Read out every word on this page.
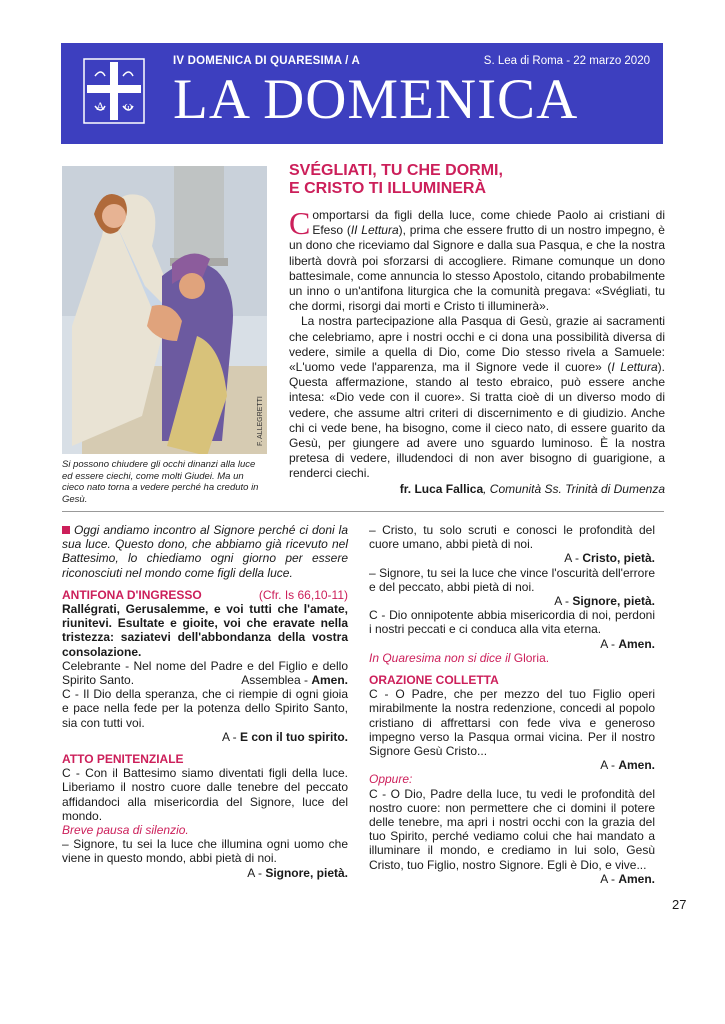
A ω
IV DOMENICA DI QUARESIMA / A	S. Lea di Roma - 22 marzo 2020
LA DOMENICA
F. ALLEGRETTI
Si possono chiudere gli occhi dinanzi alla luce ed essere ciechi, come molti Giudei. Ma un cieco nato torna a vedere perché ha creduto in Gesù.
SVÉGLIATI, TU CHE DORMI,
E CRISTO TI ILLUMINERÀ

Comportarsi da figli della luce, come chiede Paolo ai cristiani di Efeso (II Lettura), prima che essere frutto di un nostro impegno, è un dono che riceviamo dal Signore e dalla sua Pasqua, e che la nostra libertà dovrà poi sforzarsi di accogliere. Rimane comunque un dono battesimale, come annuncia lo stesso Apostolo, citando probabilmente un inno o un'antifona liturgica che la comunità pregava: «Svégliati, tu che dormi, risorgi dai morti e Cristo ti illuminerà».

La nostra partecipazione alla Pasqua di Gesù, grazie ai sacramenti che celebriamo, apre i nostri occhi e ci dona una possibilità diversa di vedere, simile a quella di Dio, come Dio stesso rivela a Samuele: «L'uomo vede l'apparenza, ma il Signore vede il cuore» (I Lettura). Questa affermazione, stando al testo ebraico, può essere anche intesa: «Dio vede con il cuore». Si tratta cioè di un diverso modo di vedere, che assume altri criteri di discernimento e di giudizio. Anche chi ci vede bene, ha bisogno, come il cieco nato, di essere guarito da Gesù, per giungere ad avere uno sguardo luminoso. È la nostra pretesa di vedere, illudendoci di non aver bisogno di guarigione, a renderci ciechi.

fr. Luca Fallica, Comunità Ss. Trinità di Dumenza

Oggi andiamo incontro al Signore perché ci doni la sua luce. Questo dono, che abbiamo già ricevuto nel Battesimo, lo chiediamo ogni giorno per essere riconosciuti nel mondo come figli della luce.

ANTIFONA D'INGRESSO	(Cfr. Is 66,10-11)

Rallégrati, Gerusalemme, e voi tutti che l'amate, riunitevi. Esultate e gioite, voi che eravate nella tristezza: saziatevi dell'abbondanza della vostra consolazione.

Celebrante - Nel nome del Padre e del Figlio e dello Spirito Santo.	Assemblea - Amen.

C - Il Dio della speranza, che ci riempie di ogni gioia e pace nella fede per la potenza dello Spirito Santo, sia con tutti voi.

A - E con il tuo spirito.

ATTO PENITENZIALE

C - Con il Battesimo siamo diventati figli della luce. Liberiamo il nostro cuore dalle tenebre del peccato affidandoci alla misericordia del Signore, luce del mondo.

Breve pausa di silenzio.

– Signore, tu sei la luce che illumina ogni uomo che viene in questo mondo, abbi pietà di noi.

A - Signore, pietà.

– Cristo, tu solo scruti e conosci le profondità del cuore umano, abbi pietà di noi.

A - Cristo, pietà.

– Signore, tu sei la luce che vince l'oscurità dell'errore e del peccato, abbi pietà di noi.

A - Signore, pietà.

C - Dio onnipotente abbia misericordia di noi, perdoni i nostri peccati e ci conduca alla vita eterna.

A - Amen.

In Quaresima non si dice il Gloria.

ORAZIONE COLLETTA

C - O Padre, che per mezzo del tuo Figlio operi mirabilmente la nostra redenzione, concedi al popolo cristiano di affrettarsi con fede viva e generoso impegno verso la Pasqua ormai vicina. Per il nostro Signore Gesù Cristo...

A - Amen.

Oppure:

C - O Dio, Padre della luce, tu vedi le profondità del nostro cuore: non permettere che ci domini il potere delle tenebre, ma apri i nostri occhi con la grazia del tuo Spirito, perché vediamo colui che hai mandato a illuminare il mondo, e crediamo in lui solo, Gesù Cristo, tuo Figlio, nostro Signore. Egli è Dio, e vive...

A - Amen.

27
